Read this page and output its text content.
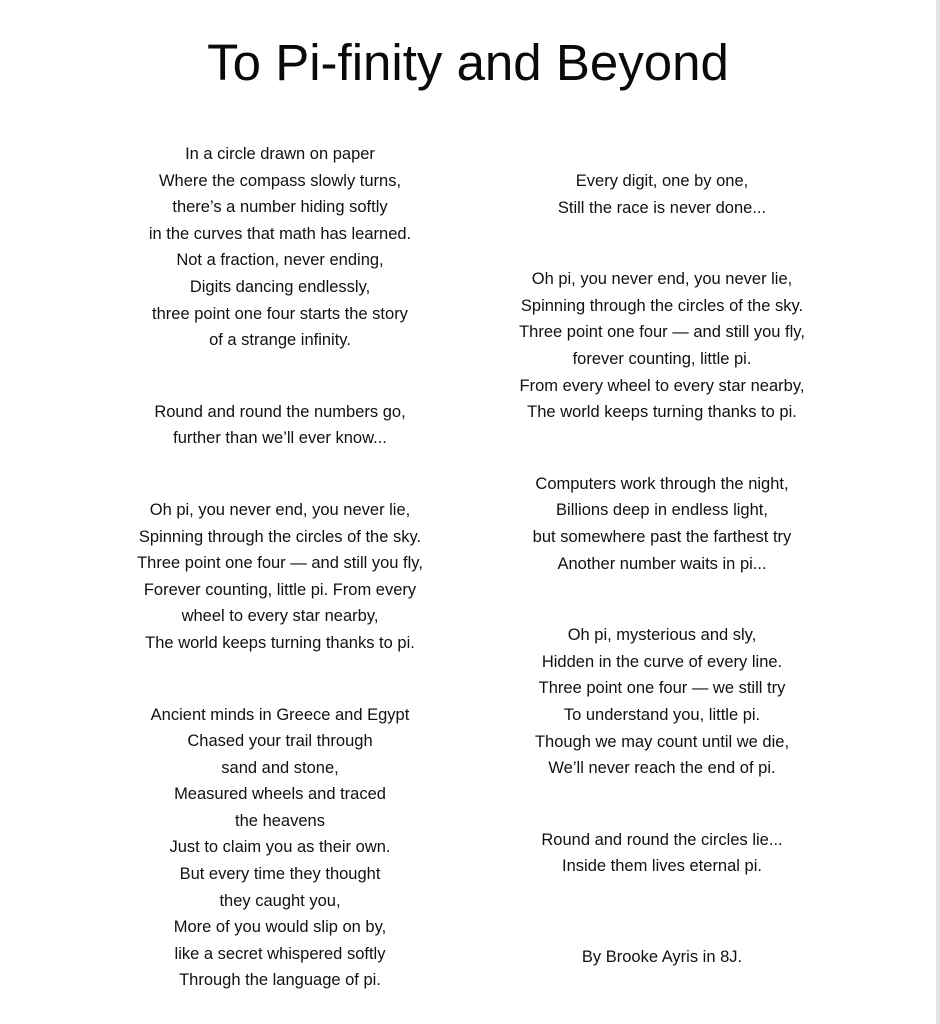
To Pi-finity and Beyond

In a circle drawn on paper
Where the compass slowly turns,
there’s a number hiding softly
in the curves that math has learned.
Not a fraction, never ending,
Digits dancing endlessly,
three point one four starts the story
of a strange infinity.

Round and round the numbers go,
further than we’ll ever know...

Oh pi, you never end, you never lie,
Spinning through the circles of the sky.
Three point one four — and still you fly,
Forever counting, little pi. From every
wheel to every star nearby,
The world keeps turning thanks to pi.

Ancient minds in Greece and Egypt
Chased your trail through
sand and stone,
Measured wheels and traced
the heavens
Just to claim you as their own.
But every time they thought
they caught you,
More of you would slip on by,
like a secret whispered softly
Through the language of pi.

Every digit, one by one,
Still the race is never done...

Oh pi, you never end, you never lie,
Spinning through the circles of the sky.
Three point one four — and still you fly,
forever counting, little pi.
From every wheel to every star nearby,
The world keeps turning thanks to pi.

Computers work through the night,
Billions deep in endless light,
but somewhere past the farthest try
Another number waits in pi...

Oh pi, mysterious and sly,
Hidden in the curve of every line.
Three point one four — we still try
To understand you, little pi.
Though we may count until we die,
We’ll never reach the end of pi.

Round and round the circles lie...
Inside them lives eternal pi.

By Brooke Ayris in 8J.
